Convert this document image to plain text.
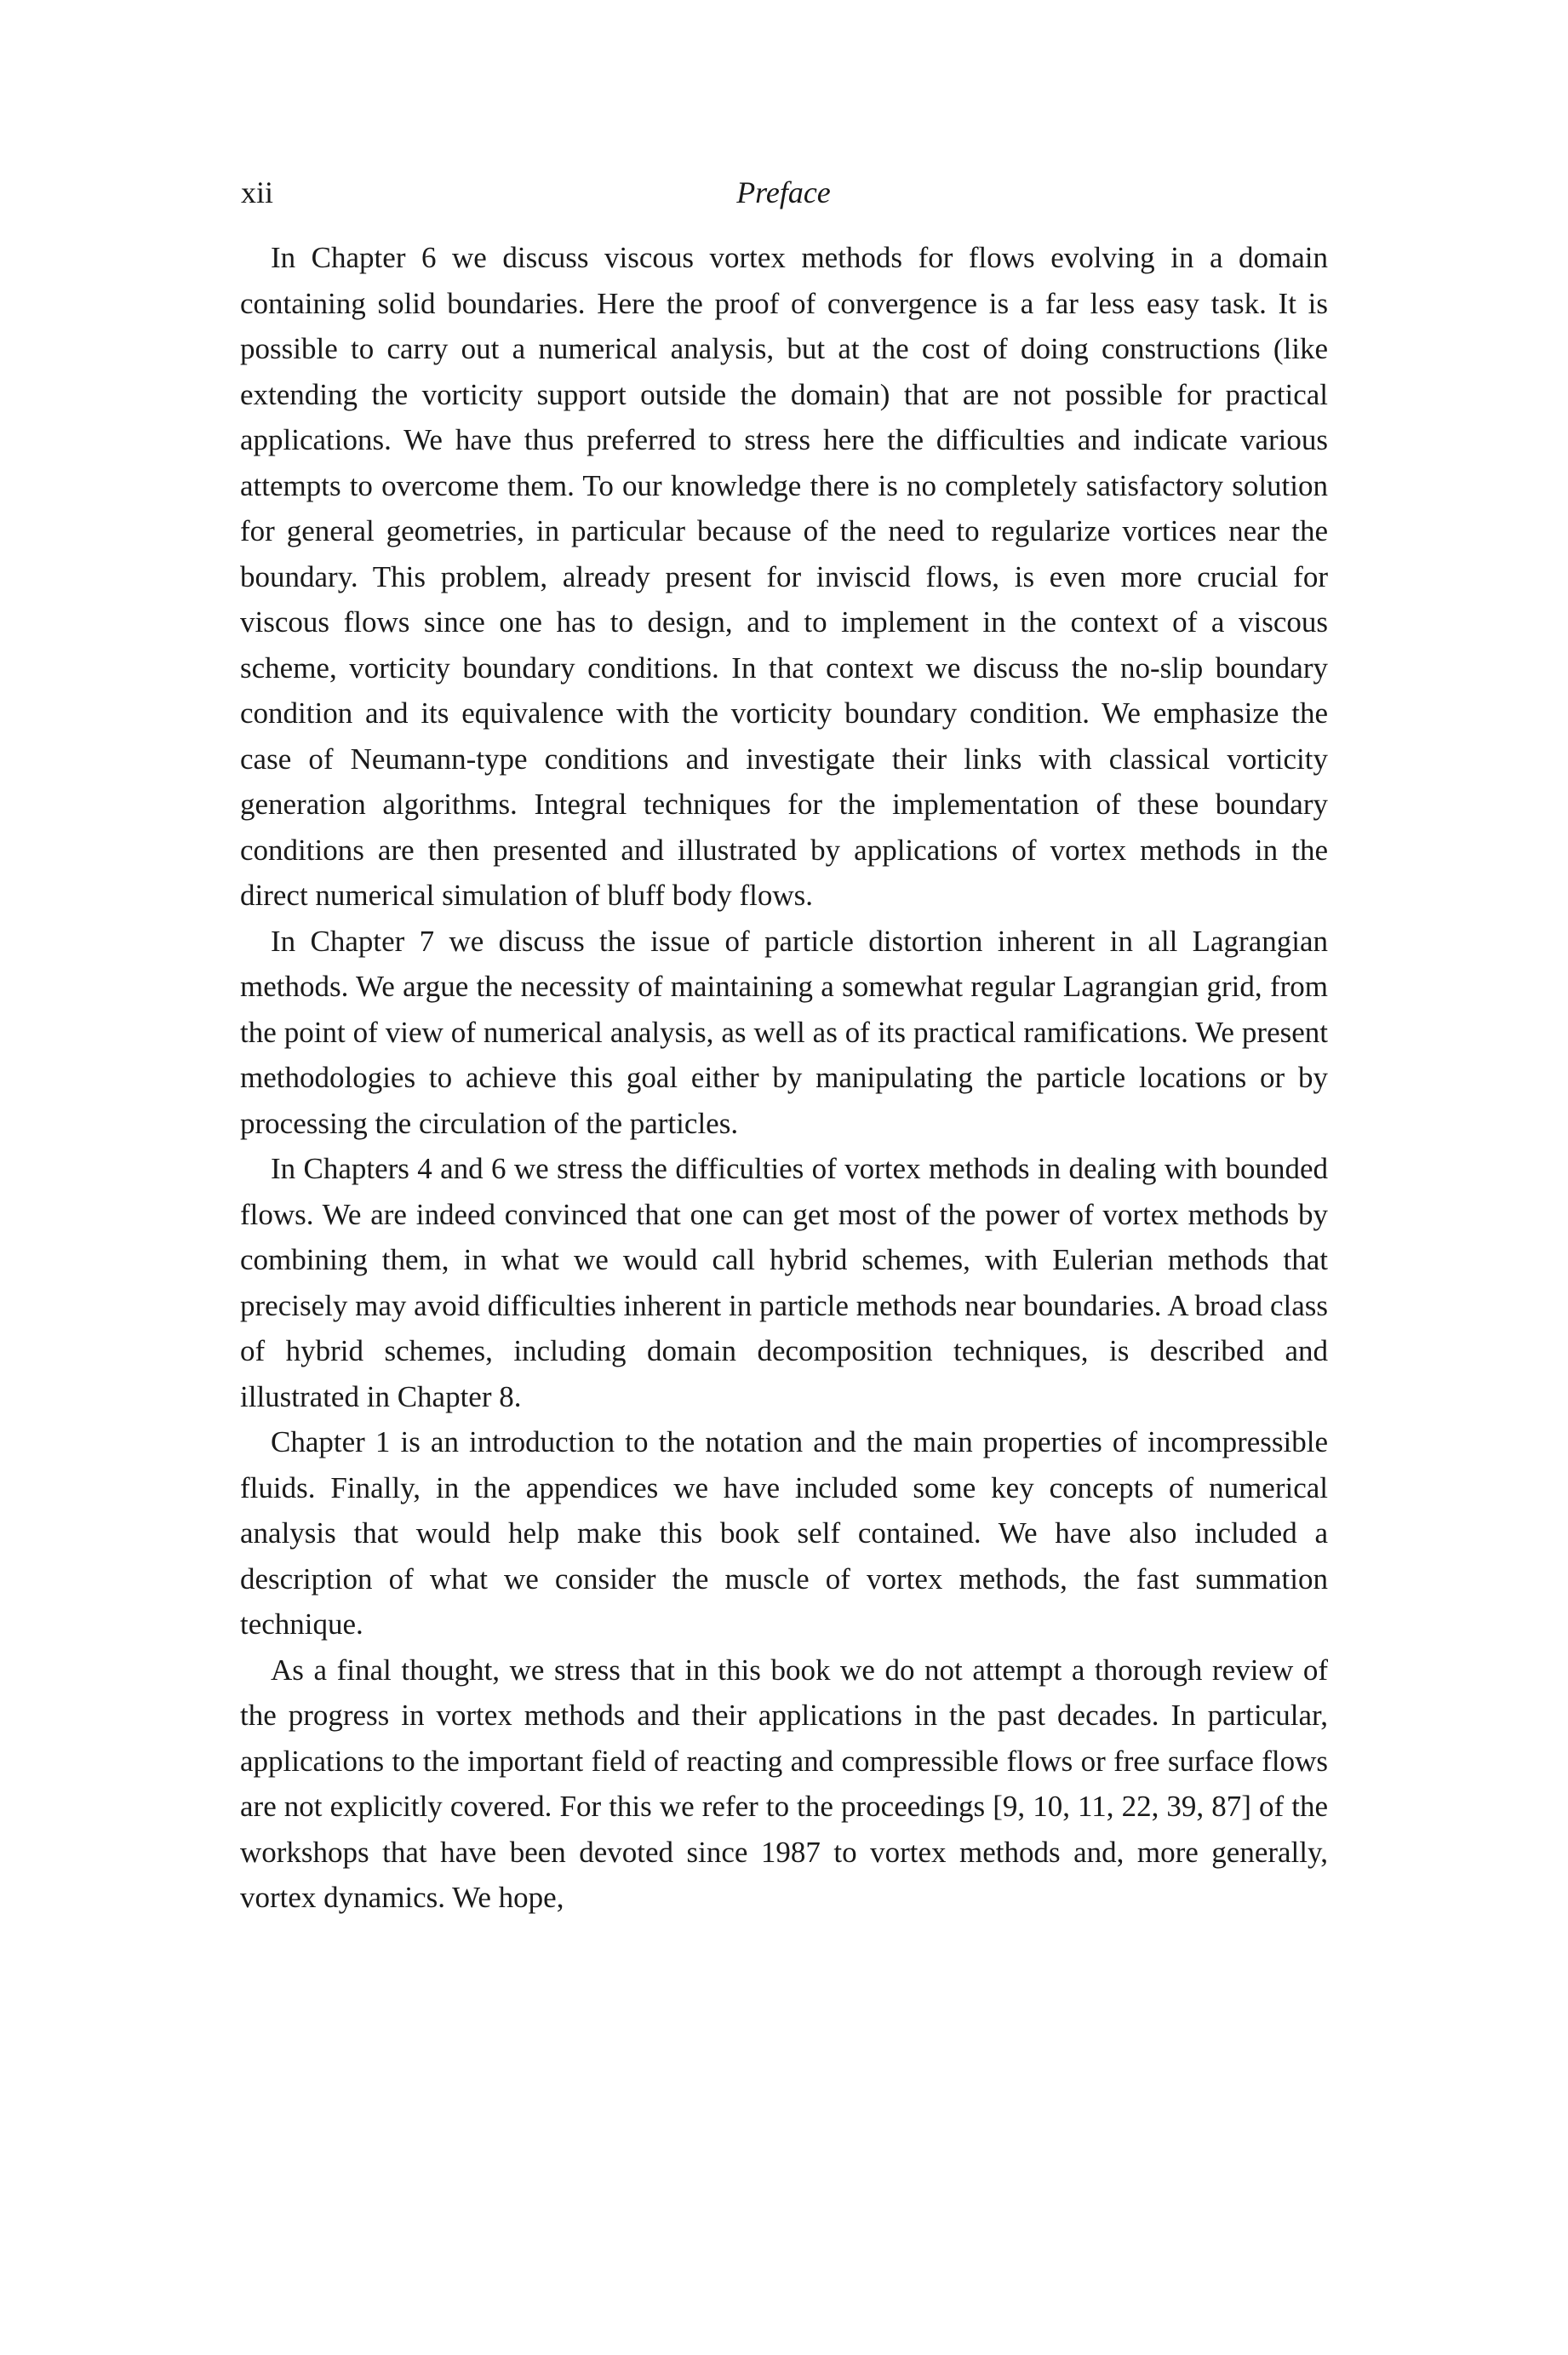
xii	Preface

In Chapter 6 we discuss viscous vortex methods for flows evolving in a domain containing solid boundaries. Here the proof of convergence is a far less easy task. It is possible to carry out a numerical analysis, but at the cost of doing constructions (like extending the vorticity support outside the domain) that are not possible for practical applications. We have thus preferred to stress here the difficulties and indicate various attempts to overcome them. To our knowledge there is no completely satisfactory solution for general geometries, in particular because of the need to regularize vortices near the boundary. This problem, already present for inviscid flows, is even more crucial for viscous flows since one has to design, and to implement in the context of a viscous scheme, vorticity boundary conditions. In that context we discuss the no-slip boundary condition and its equivalence with the vorticity boundary condition. We emphasize the case of Neumann-type conditions and investigate their links with classical vorticity generation algorithms. Integral techniques for the implementation of these boundary conditions are then presented and illustrated by applications of vortex methods in the direct numerical simulation of bluff body flows.

In Chapter 7 we discuss the issue of particle distortion inherent in all Lagrangian methods. We argue the necessity of maintaining a somewhat regular Lagrangian grid, from the point of view of numerical analysis, as well as of its practical ramifications. We present methodologies to achieve this goal either by manipulating the particle locations or by processing the circulation of the particles.

In Chapters 4 and 6 we stress the difficulties of vortex methods in dealing with bounded flows. We are indeed convinced that one can get most of the power of vortex methods by combining them, in what we would call hybrid schemes, with Eulerian methods that precisely may avoid difficulties inherent in particle methods near boundaries. A broad class of hybrid schemes, including domain decomposition techniques, is described and illustrated in Chapter 8.

Chapter 1 is an introduction to the notation and the main properties of incompressible fluids. Finally, in the appendices we have included some key concepts of numerical analysis that would help make this book self contained. We have also included a description of what we consider the muscle of vortex methods, the fast summation technique.

As a final thought, we stress that in this book we do not attempt a thorough review of the progress in vortex methods and their applications in the past decades. In particular, applications to the important field of reacting and compressible flows or free surface flows are not explicitly covered. For this we refer to the proceedings [9, 10, 11, 22, 39, 87] of the workshops that have been devoted since 1987 to vortex methods and, more generally, vortex dynamics. We hope,
